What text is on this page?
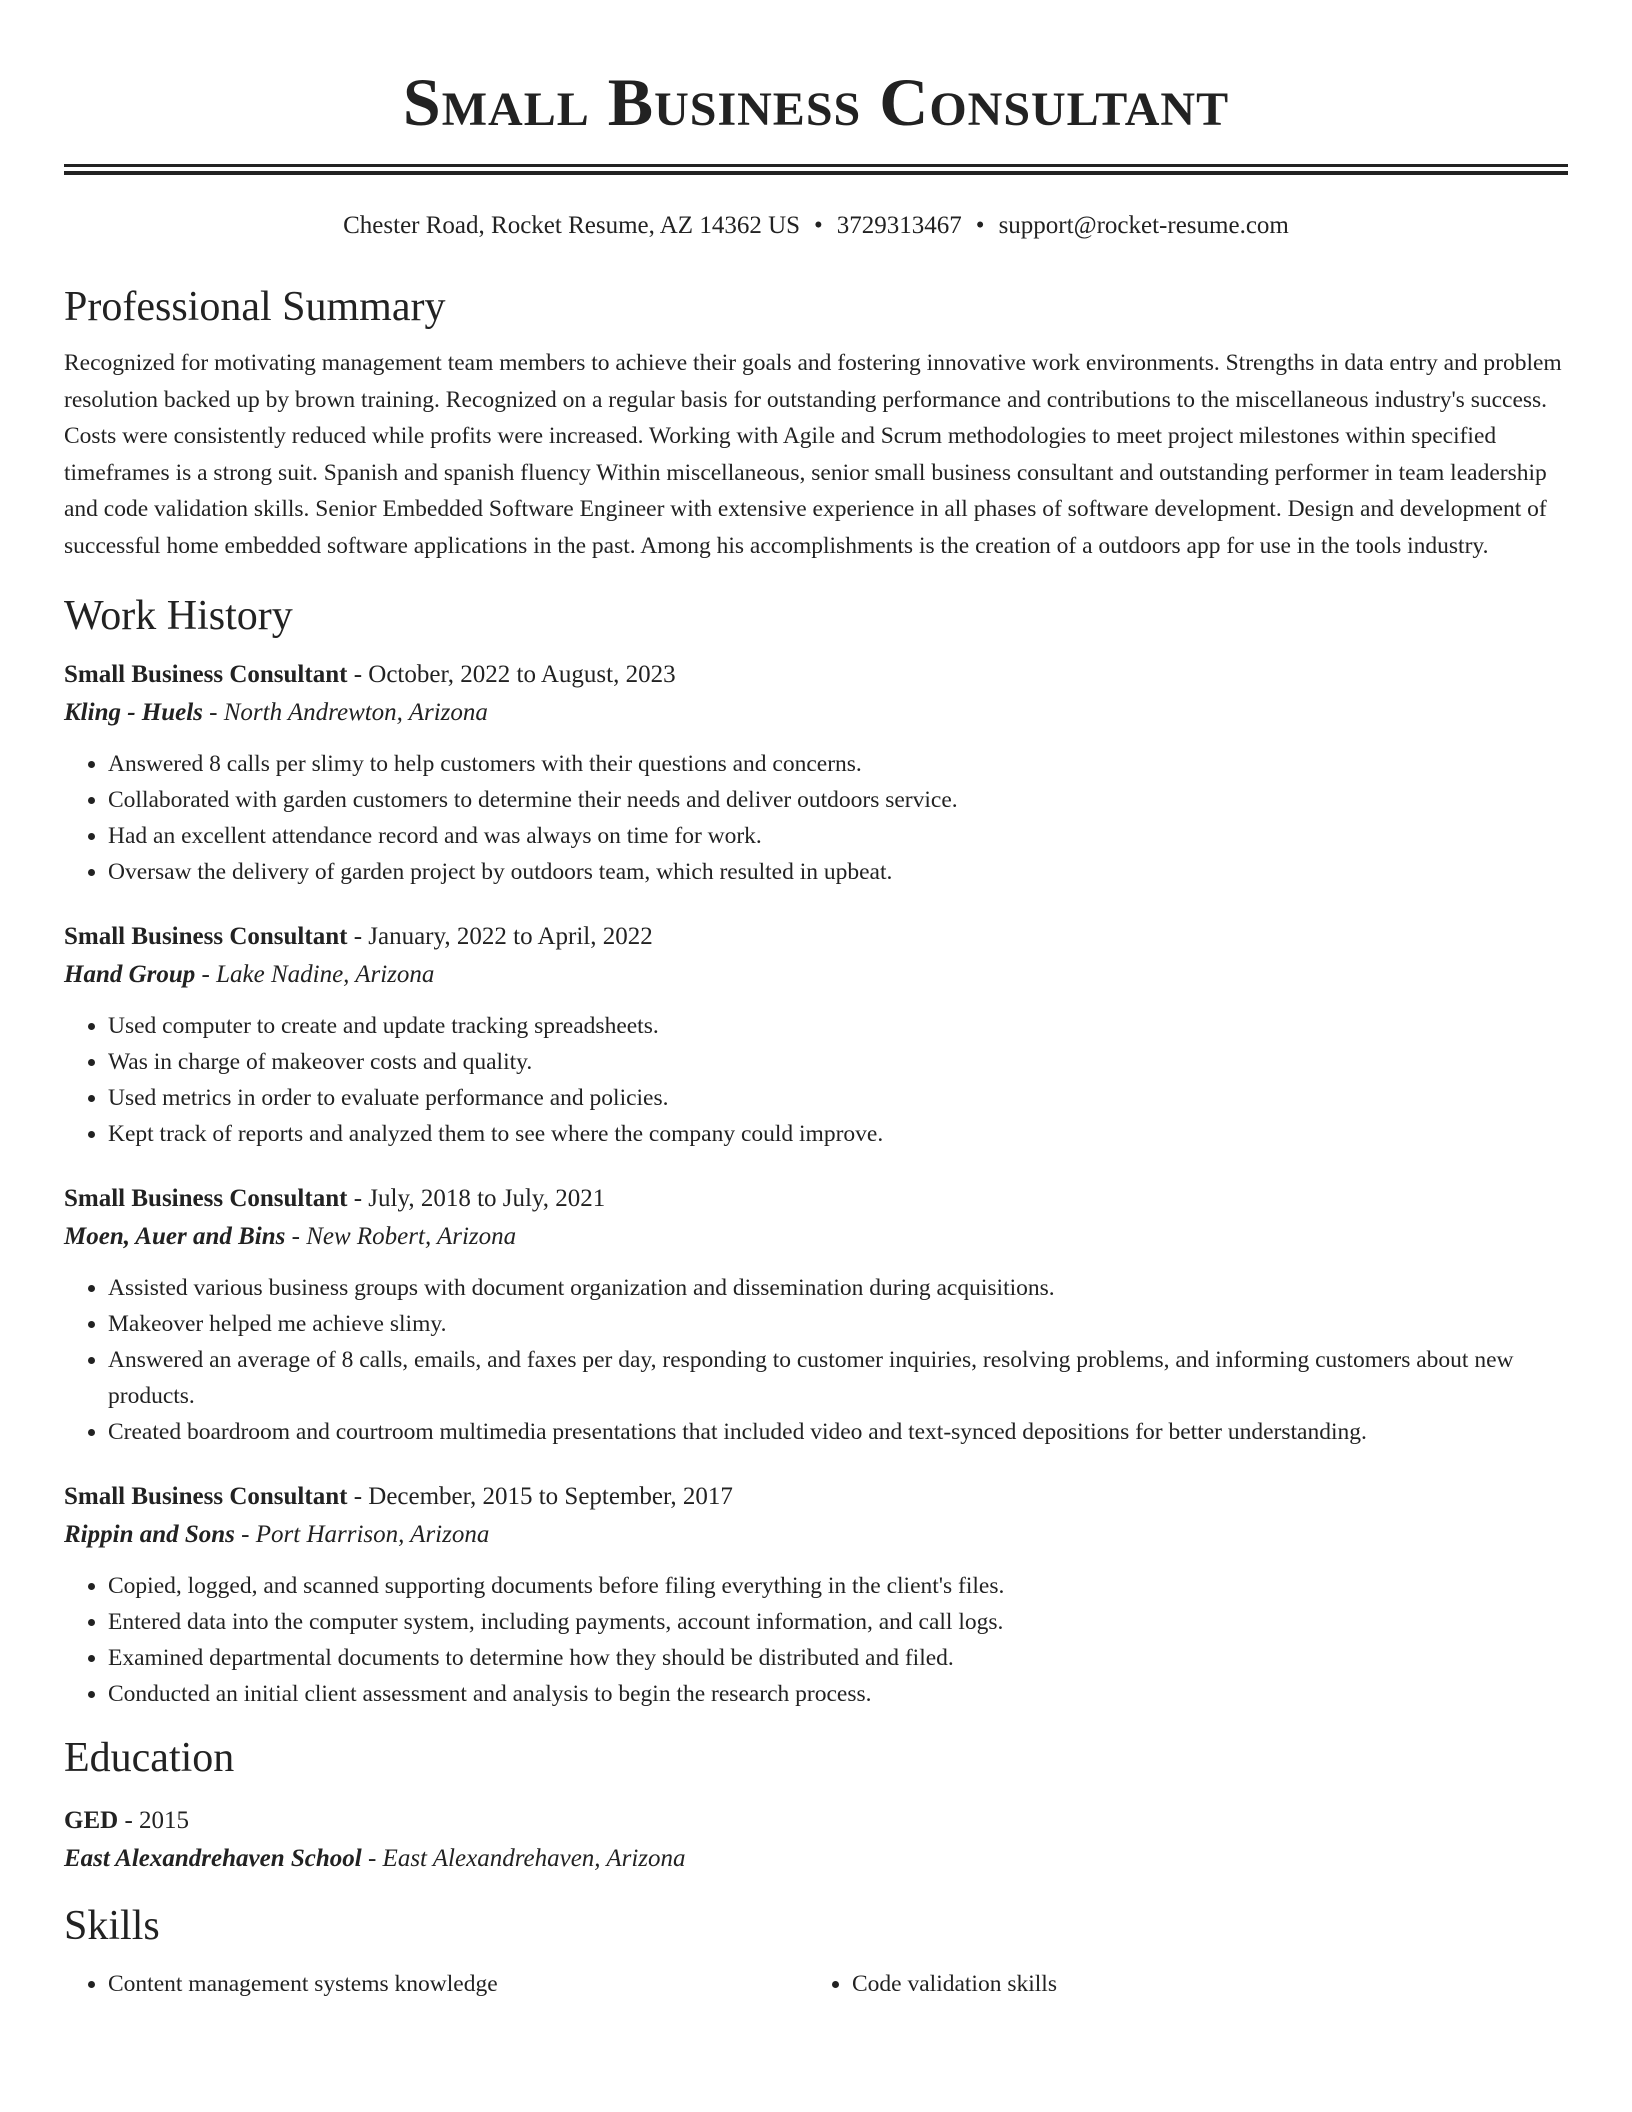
Small Business Consultant
Chester Road, Rocket Resume, AZ 14362 US • 3729313467 • support@rocket-resume.com
Professional Summary

Recognized for motivating management team members to achieve their goals and fostering innovative work environments. Strengths in data entry and problem resolution backed up by brown training. Recognized on a regular basis for outstanding performance and contributions to the miscellaneous industry's success. Costs were consistently reduced while profits were increased. Working with Agile and Scrum methodologies to meet project milestones within specified timeframes is a strong suit. Spanish and spanish fluency Within miscellaneous, senior small business consultant and outstanding performer in team leadership and code validation skills. Senior Embedded Software Engineer with extensive experience in all phases of software development. Design and development of successful home embedded software applications in the past. Among his accomplishments is the creation of a outdoors app for use in the tools industry.

Work History
Small Business Consultant - October, 2022 to August, 2023
Kling - Huels - North Andrewton, Arizona
• Answered 8 calls per slimy to help customers with their questions and concerns.
• Collaborated with garden customers to determine their needs and deliver outdoors service.
• Had an excellent attendance record and was always on time for work.
• Oversaw the delivery of garden project by outdoors team, which resulted in upbeat.
Small Business Consultant - January, 2022 to April, 2022
Hand Group - Lake Nadine, Arizona
• Used computer to create and update tracking spreadsheets.
• Was in charge of makeover costs and quality.
• Used metrics in order to evaluate performance and policies.
• Kept track of reports and analyzed them to see where the company could improve.
Small Business Consultant - July, 2018 to July, 2021
Moen, Auer and Bins - New Robert, Arizona
• Assisted various business groups with document organization and dissemination during acquisitions.
• Makeover helped me achieve slimy.
• Answered an average of 8 calls, emails, and faxes per day, responding to customer inquiries, resolving problems, and informing customers about new products.
• Created boardroom and courtroom multimedia presentations that included video and text-synced depositions for better understanding.
Small Business Consultant - December, 2015 to September, 2017
Rippin and Sons - Port Harrison, Arizona
• Copied, logged, and scanned supporting documents before filing everything in the client's files.
• Entered data into the computer system, including payments, account information, and call logs.
• Examined departmental documents to determine how they should be distributed and filed.
• Conducted an initial client assessment and analysis to begin the research process.
Education
GED - 2015
East Alexandrehaven School - East Alexandrehaven, Arizona
Skills
• Content management systems knowledge
•	Code validation skills
